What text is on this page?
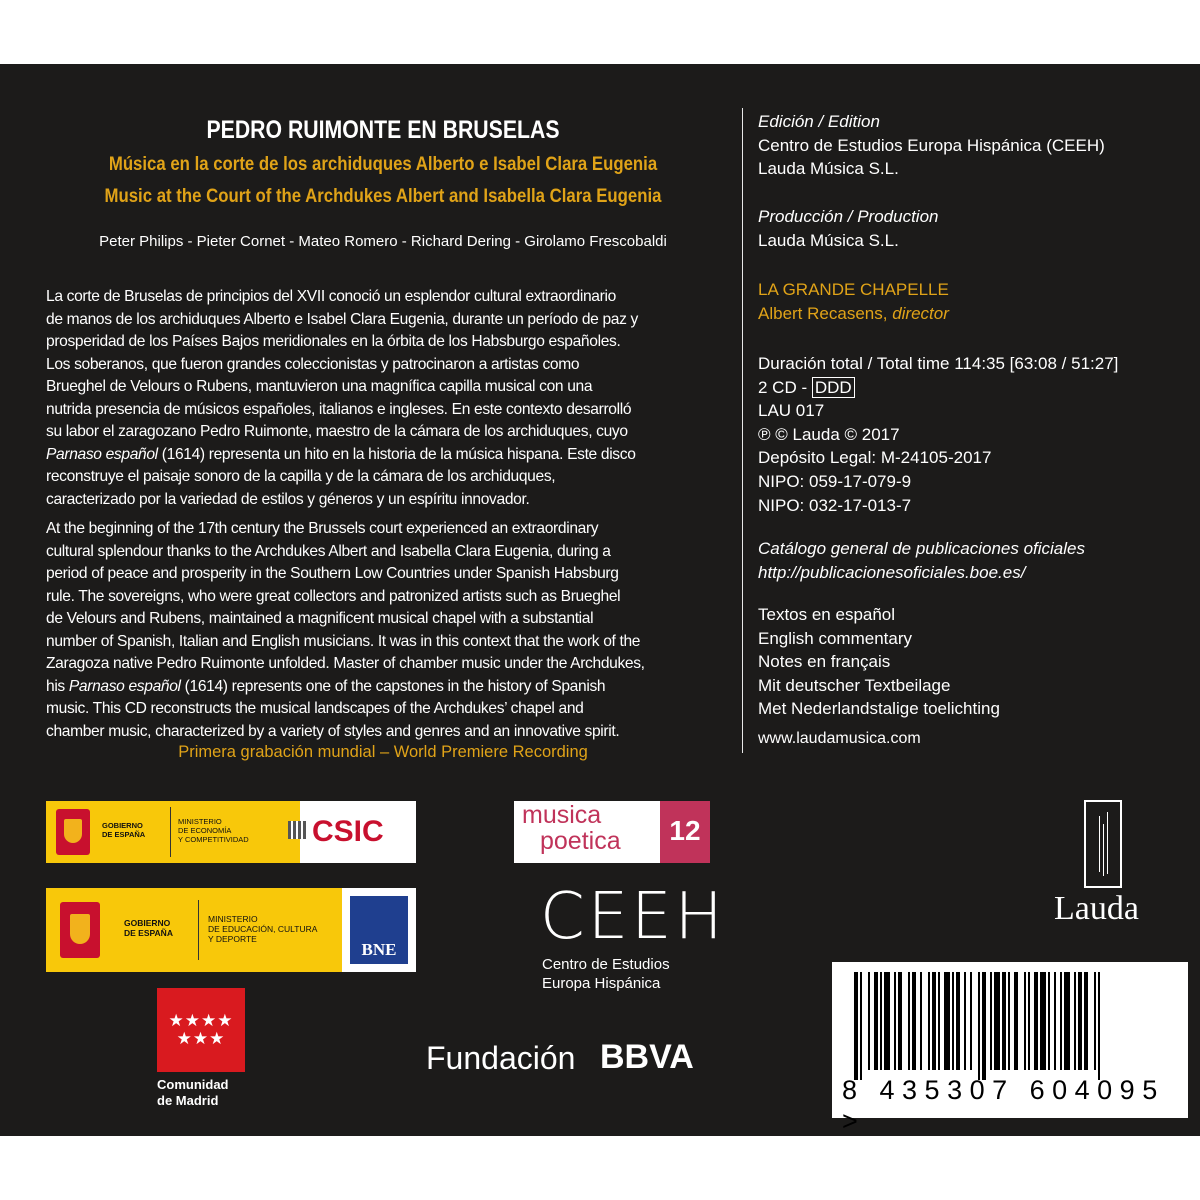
PEDRO RUIMONTE EN BRUSELAS
Música en la corte de los archiduques Alberto e Isabel Clara Eugenia
Music at the Court of the Archdukes Albert and Isabella Clara Eugenia
Peter Philips - Pieter Cornet - Mateo Romero - Richard Dering - Girolamo Frescobaldi
La corte de Bruselas de principios del XVII conoció un esplendor cultural extraordinario
de manos de los archiduques Alberto e Isabel Clara Eugenia, durante un período de paz y
prosperidad de los Países Bajos meridionales en la órbita de los Habsburgo españoles.
Los soberanos, que fueron grandes coleccionistas y patrocinaron a artistas como
Brueghel de Velours o Rubens, mantuvieron una magnífica capilla musical con una
nutrida presencia de músicos españoles, italianos e ingleses. En este contexto desarrolló
su labor el zaragozano Pedro Ruimonte, maestro de la cámara de los archiduques, cuyo
Parnaso español (1614) representa un hito en la historia de la música hispana. Este disco
reconstruye el paisaje sonoro de la capilla y de la cámara de los archiduques,
caracterizado por la variedad de estilos y géneros y un espíritu innovador.
At the beginning of the 17th century the Brussels court experienced an extraordinary
cultural splendour thanks to the Archdukes Albert and Isabella Clara Eugenia, during a
period of peace and prosperity in the Southern Low Countries under Spanish Habsburg
rule. The sovereigns, who were great collectors and patronized artists such as Brueghel
de Velours and Rubens, maintained a magnificent musical chapel with a substantial
number of Spanish, Italian and English musicians. It was in this context that the work of the
Zaragoza native Pedro Ruimonte unfolded. Master of chamber music under the Archdukes,
his Parnaso español (1614) represents one of the capstones in the history of Spanish
music. This CD reconstructs the musical landscapes of the Archdukes’ chapel and
chamber music, characterized by a variety of styles and genres and an innovative spirit.
Primera grabación mundial – World Premiere Recording
Edición / Edition
Centro de Estudios Europa Hispánica (CEEH)
Lauda Música S.L.
Producción / Production
Lauda Música S.L.
LA GRANDE CHAPELLE
Albert Recasens, director
Duración total / Total time 114:35 [63:08 / 51:27]
2 CD - DDD
LAU 017
℗ © Lauda © 2017
Depósito Legal: M-24105-2017
NIPO: 059-17-079-9
NIPO: 032-17-013-7
Catálogo general de publicaciones oficiales
http://publicacionesoficiales.boe.es/
Textos en español
English commentary
Notes en français
Mit deutscher Textbeilage
Met Nederlandstalige toelichting
www.laudamusica.com
GOBIERNO
DE ESPAÑA
MINISTERIO
DE ECONOMÍA
Y COMPETITIVIDAD CSIC	musica
poetica	12
GOBIERNO
DE ESPAÑA
MINISTERIO
DE EDUCACIÓN, CULTURA
Y DEPORTE
BNE CEEH
Centro de Estudios
Europa Hispánica
★★★★
★★★
Comunidad
de Madrid
Fundación BBVA
Lauda
8 435307 604095 >
